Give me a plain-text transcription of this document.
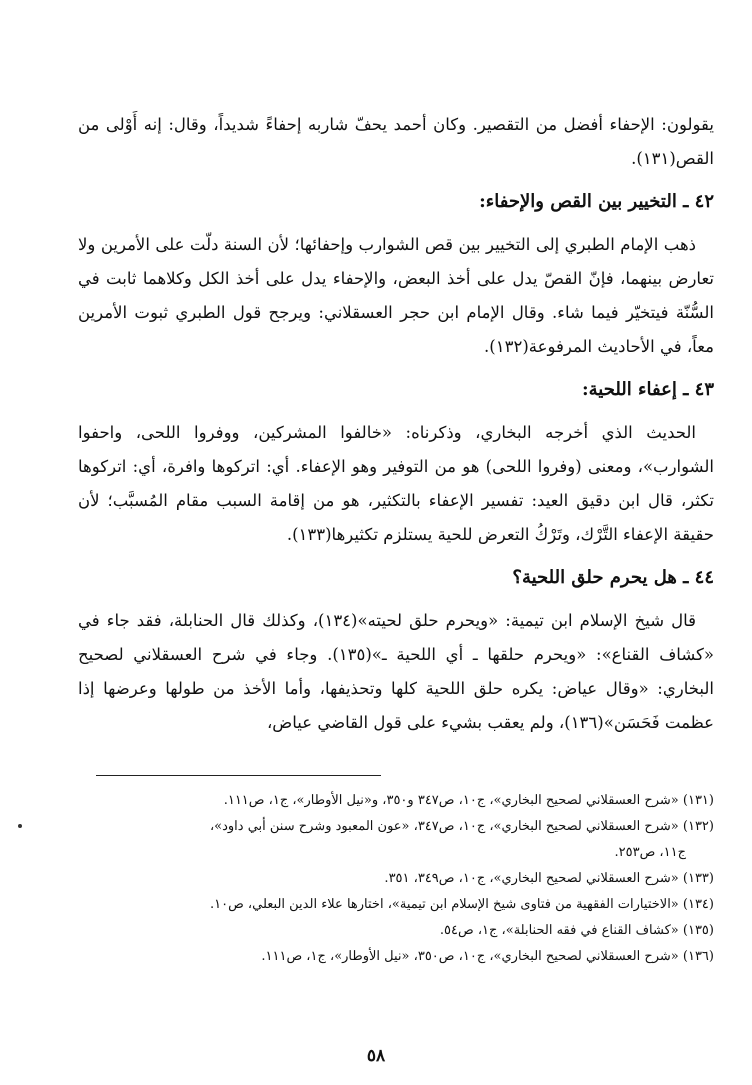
يقولون: الإحفاء أفضل من التقصير. وكان أحمد يحفّ شاربه إحفاءً شديداً، وقال: إنه أَوْلى من القص(١٣١).

٤٢ ـ التخيير بين القص والإحفاء:

ذهب الإمام الطبري إلى التخيير بين قص الشوارب وإحفائها؛ لأن السنة دلّت على الأمرين ولا تعارض بينهما، فإنّ القصّ يدل على أخذ البعض، والإحفاء يدل على أخذ الكل وكلاهما ثابت في السُّنّة فيتخيّر فيما شاء. وقال الإمام ابن حجر العسقلاني: ويرجح قول الطبري ثبوت الأمرين معاً، في الأحاديث المرفوعة(١٣٢).

٤٣ ـ إعفاء اللحية:

الحديث الذي أخرجه البخاري، وذكرناه: «خالفوا المشركين، ووفروا اللحى، واحفوا الشوارب»، ومعنى (وفروا اللحى) هو من التوفير وهو الإعفاء. أي: اتركوها وافرة، أي: اتركوها تكثر، قال ابن دقيق العيد: تفسير الإعفاء بالتكثير، هو من إقامة السبب مقام المُسبَّب؛ لأن حقيقة الإعفاء التَّرْك، وتَرْكُ التعرض للحية يستلزم تكثيرها(١٣٣).

٤٤ ـ هل يحرم حلق اللحية؟

قال شيخ الإسلام ابن تيمية: «ويحرم حلق لحيته»(١٣٤)، وكذلك قال الحنابلة، فقد جاء في «كشاف القناع»: «ويحرم حلقها ـ أي اللحية ـ»(١٣٥). وجاء في شرح العسقلاني لصحيح البخاري: «وقال عياض: يكره حلق اللحية كلها وتحذيفها، وأما الأخذ من طولها وعرضها إذا عظمت فَحَسَن»(١٣٦)، ولم يعقب بشيء على قول القاضي عياض،

(١٣١) «شرح العسقلاني لصحيح البخاري»، ج١٠، ص٣٤٧ و٣٥٠، و«نيل الأوطار»، ج١، ص١١١.
(١٣٢) «شرح العسقلاني لصحيح البخاري»، ج١٠، ص٣٤٧، «عون المعبود وشرح سنن أبي داود»،
ج١١، ص٢٥٣.
(١٣٣) «شرح العسقلاني لصحيح البخاري»، ج١٠، ص٣٤٩، ٣٥١.
(١٣٤) «الاختيارات الفقهية من فتاوى شيخ الإسلام ابن تيمية»، اختارها علاء الدين البعلي، ص١٠.
(١٣٥) «كشاف القناع في فقه الحنابلة»، ج١، ص٥٤.
(١٣٦) «شرح العسقلاني لصحيح البخاري»، ج١٠، ص٣٥٠، «نيل الأوطار»، ج١، ص١١١.
٥٨
